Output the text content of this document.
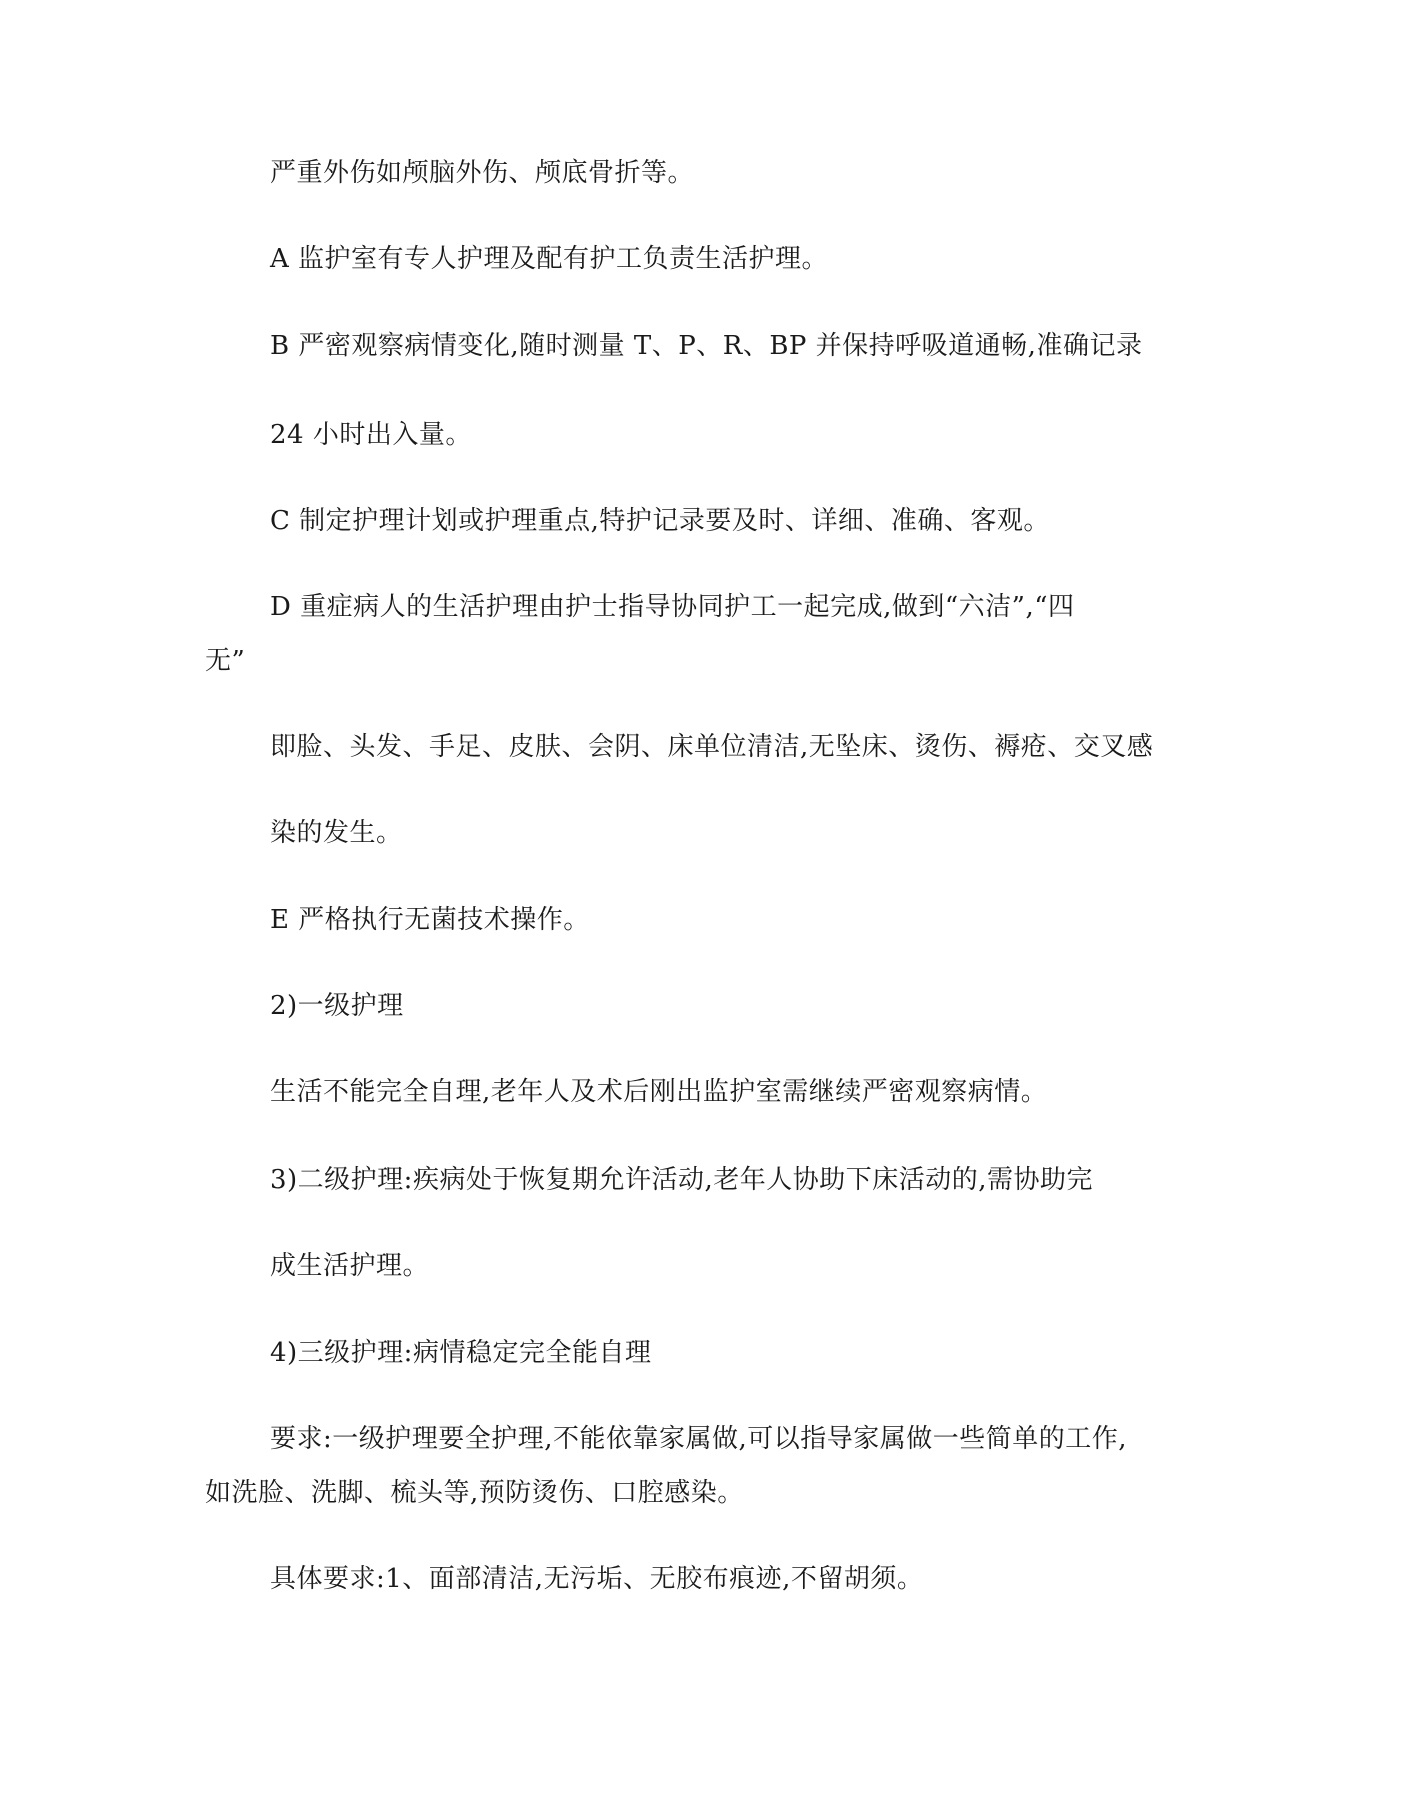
严重外伤如颅脑外伤、颅底骨折等。
A 监护室有专人护理及配有护工负责生活护理。
B 严密观察病情变化,随时测量 T、P、R、BP 并保持呼吸道通畅,准确记录
24 小时出入量。
C 制定护理计划或护理重点,特护记录要及时、详细、准确、客观。
D 重症病人的生活护理由护士指导协同护工一起完成,做到“六洁”,“四
无”
即脸、头发、手足、皮肤、会阴、床单位清洁,无坠床、烫伤、褥疮、交叉感
染的发生。
E 严格执行无菌技术操作。
2)一级护理
生活不能完全自理,老年人及术后刚出监护室需继续严密观察病情。
3)二级护理:疾病处于恢复期允许活动,老年人协助下床活动的,需协助完
成生活护理。
4)三级护理:病情稳定完全能自理
要求:一级护理要全护理,不能依靠家属做,可以指导家属做一些简单的工作,
如洗脸、洗脚、梳头等,预防烫伤、口腔感染。
具体要求:1、面部清洁,无污垢、无胶布痕迹,不留胡须。
